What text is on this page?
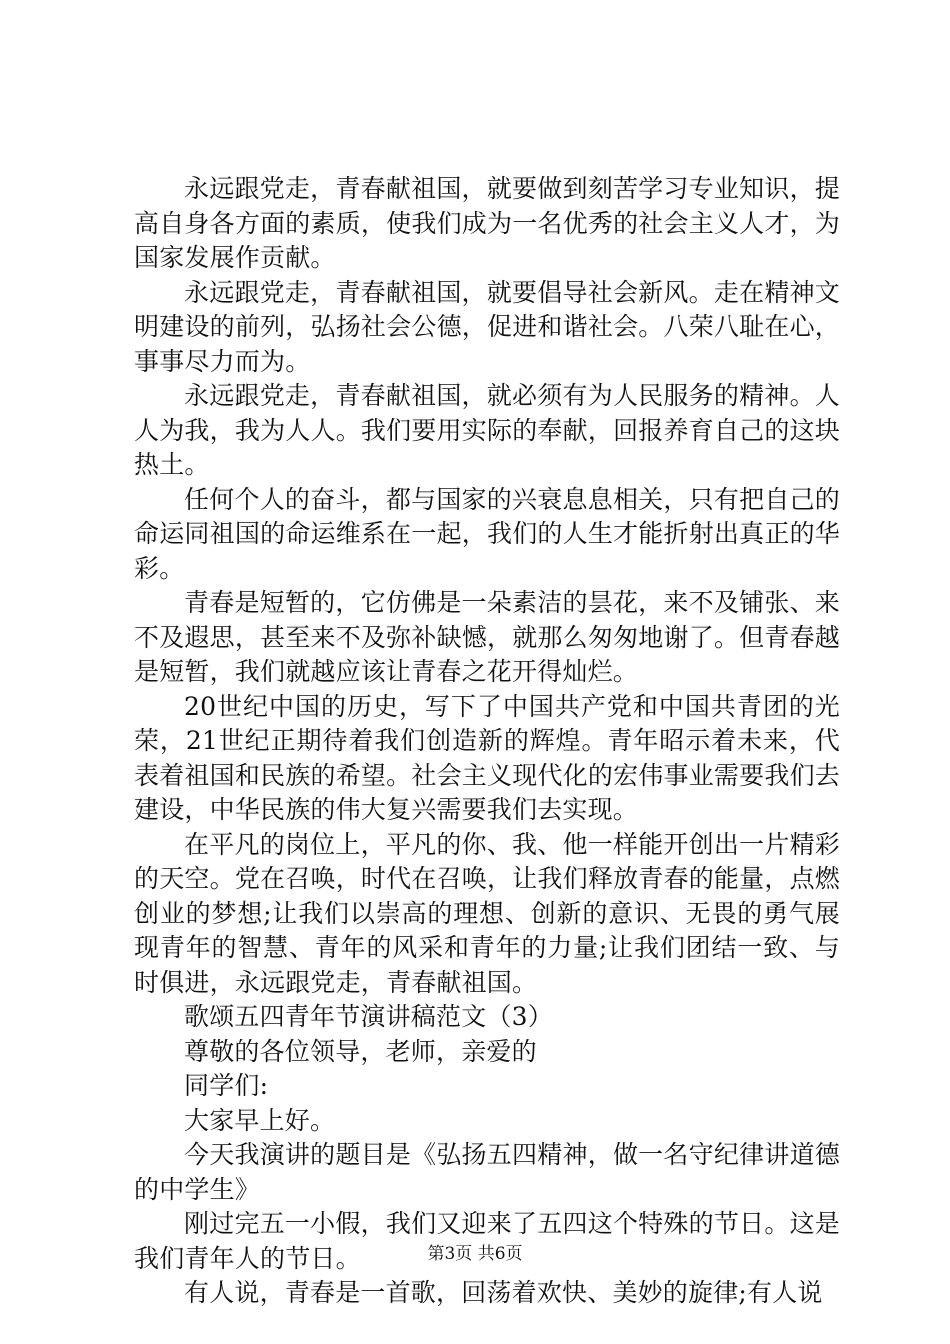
永远跟党走，青春献祖国，就要做到刻苦学习专业知识，提高自身各方面的素质，使我们成为一名优秀的社会主义人才，为国家发展作贡献。

永远跟党走，青春献祖国，就要倡导社会新风。走在精神文明建设的前列，弘扬社会公德，促进和谐社会。八荣八耻在心，事事尽力而为。

永远跟党走，青春献祖国，就必须有为人民服务的精神。人人为我，我为人人。我们要用实际的奉献，回报养育自己的这块热土。

任何个人的奋斗，都与国家的兴衰息息相关，只有把自己的命运同祖国的命运维系在一起，我们的人生才能折射出真正的华彩。

青春是短暂的，它仿佛是一朵素洁的昙花，来不及铺张、来不及遐思，甚至来不及弥补缺憾，就那么匆匆地谢了。但青春越是短暂，我们就越应该让青春之花开得灿烂。

20世纪中国的历史，写下了中国共产党和中国共青团的光荣，21世纪正期待着我们创造新的辉煌。青年昭示着未来，代表着祖国和民族的希望。社会主义现代化的宏伟事业需要我们去建设，中华民族的伟大复兴需要我们去实现。

在平凡的岗位上，平凡的你、我、他一样能开创出一片精彩的天空。党在召唤，时代在召唤，让我们释放青春的能量，点燃创业的梦想;让我们以崇高的理想、创新的意识、无畏的勇气展现青年的智慧、青年的风采和青年的力量;让我们团结一致、与时俱进，永远跟党走，青春献祖国。

歌颂五四青年节演讲稿范文（3）

尊敬的各位领导，老师，亲爱的

同学们:

大家早上好。

今天我演讲的题目是《弘扬五四精神，做一名守纪律讲道德的中学生》

刚过完五一小假，我们又迎来了五四这个特殊的节日。这是我们青年人的节日。

有人说，青春是一首歌，回荡着欢快、美妙的旋律;有人说

第3页 共6页
